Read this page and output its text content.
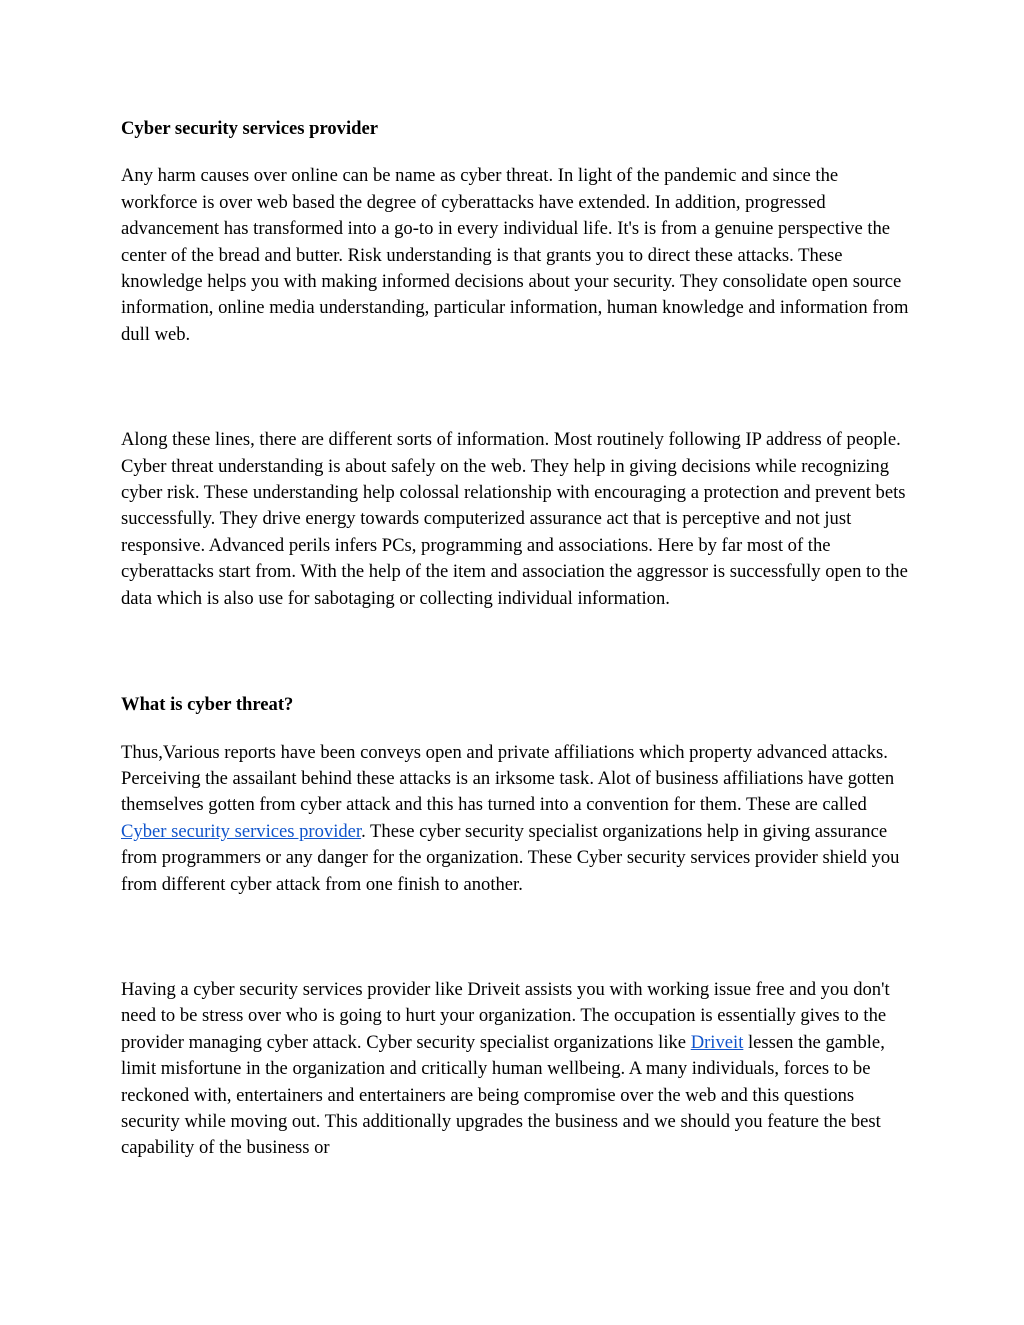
Cyber security services provider

Any harm causes over online can be name as cyber threat. In light of the pandemic and since the workforce is over web based the degree of cyberattacks have extended. In addition, progressed advancement has transformed into a go-to in every individual life. It's is from a genuine perspective the center of the bread and butter. Risk understanding is that grants you to direct these attacks. These knowledge helps you with making informed decisions about your security. They consolidate open source information, online media understanding, particular information, human knowledge and information from dull web.

Along these lines, there are different sorts of information. Most routinely following IP address of people. Cyber threat understanding is about safely on the web. They help in giving decisions while recognizing cyber risk. These understanding help colossal relationship with encouraging a protection and prevent bets successfully. They drive energy towards computerized assurance act that is perceptive and not just responsive. Advanced perils infers PCs, programming and associations. Here by far most of the cyberattacks start from. With the help of the item and association the aggressor is successfully open to the data which is also use for sabotaging or collecting individual information.

What is cyber threat?

Thus,Various reports have been conveys open and private affiliations which property advanced attacks. Perceiving the assailant behind these attacks is an irksome task. Alot of business affiliations have gotten themselves gotten from cyber attack and this has turned into a convention for them. These are called Cyber security services provider. These cyber security specialist organizations help in giving assurance from programmers or any danger for the organization. These Cyber security services provider shield you from different cyber attack from one finish to another.

Having a cyber security services provider like Driveit assists you with working issue free and you don't need to be stress over who is going to hurt your organization. The occupation is essentially gives to the provider managing cyber attack. Cyber security specialist organizations like Driveit lessen the gamble, limit misfortune in the organization and critically human wellbeing. A many individuals, forces to be reckoned with, entertainers and entertainers are being compromise over the web and this questions security while moving out. This additionally upgrades the business and we should you feature the best capability of the business or
